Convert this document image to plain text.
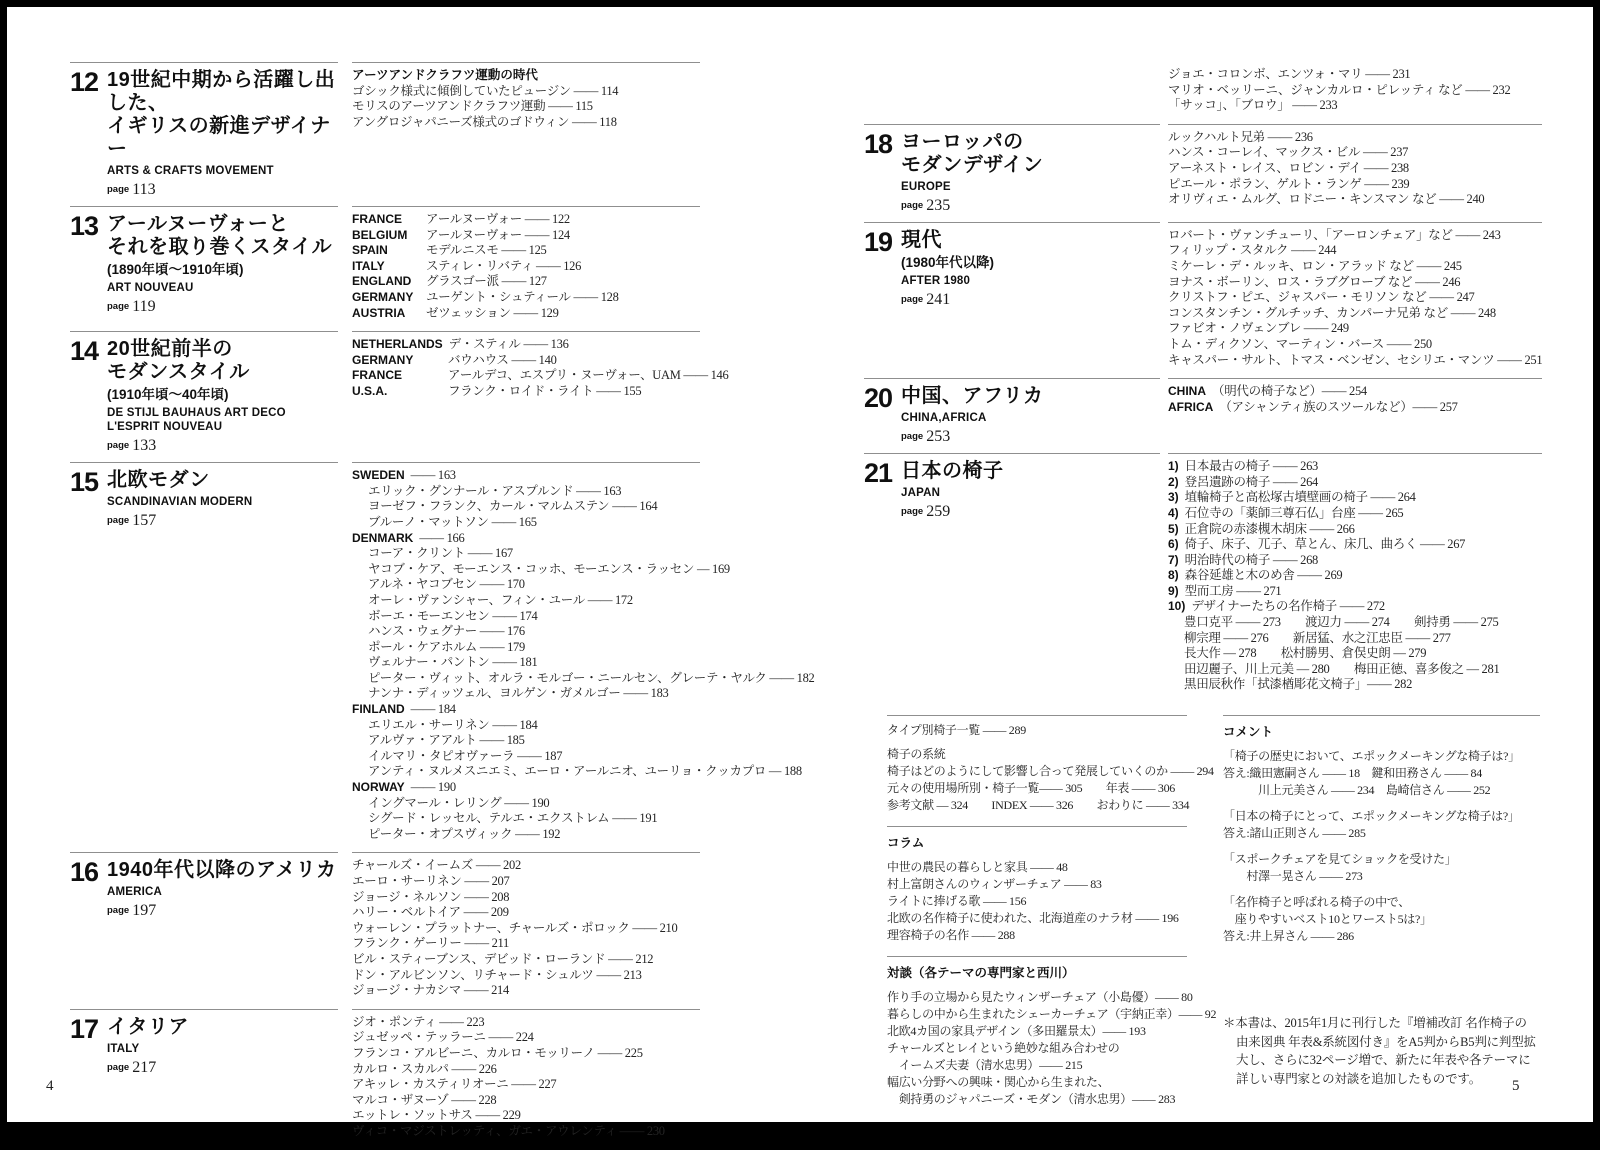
12 19世紀中期から活躍し出した、
イギリスの新進デザイナー
ARTS & CRAFTS MOVEMENT
page 113
アーツアンドクラフツ運動の時代
ゴシック様式に傾倒していたピュージン —— 114
モリスのアーツアンドクラフツ運動 —— 115
アングロジャパニーズ様式のゴドウィン —— 118
13 アールヌーヴォーと
それを取り巻くスタイル
(1890年頃〜1910年頃)
ART NOUVEAU
page 119
FRANCE	アールヌーヴォー —— 122
BELGIUM	アールヌーヴォー —— 124
SPAIN	モデルニスモ —— 125
ITALY	スティレ・リバティ —— 126
ENGLAND	グラスゴー派 —— 127
GERMANY	ユーゲント・シュティール —— 128
AUSTRIA	ゼツェッション —— 129
14 20世紀前半の
モダンスタイル
(1910年頃〜40年頃)
DE STIJL BAUHAUS ART DECO
L'ESPRIT NOUVEAU
page 133
NETHERLANDS デ・スティル —— 136
GERMANY	バウハウス —— 140
FRANCE	アールデコ、エスプリ・ヌーヴォー、UAM —— 146
U.S.A.	フランク・ロイド・ライト —— 155
15 北欧モダン
SCANDINAVIAN MODERN
page 157
SWEDEN —— 163
エリック・グンナール・アスプルンド —— 163
ヨーゼフ・フランク、カール・マルムステン —— 164
ブルーノ・マットソン —— 165
DENMARK —— 166
コーア・クリント —— 167
ヤコブ・ケア、モーエンス・コッホ、モーエンス・ラッセン — 169
アルネ・ヤコブセン —— 170
オーレ・ヴァンシャー、フィン・ユール —— 172
ボーエ・モーエンセン —— 174
ハンス・ウェグナー —— 176
ポール・ケアホルム —— 179
ヴェルナー・パントン —— 181
ピーター・ヴィット、オルラ・モルゴー・ニールセン、グレーテ・ヤルク —— 182
ナンナ・ディッツェル、ヨルゲン・ガメルゴー —— 183
FINLAND —— 184
エリエル・サーリネン —— 184
アルヴァ・アアルト —— 185
イルマリ・タピオヴァーラ —— 187
アンティ・ヌルメスニエミ、エーロ・アールニオ、ユーリョ・クッカプロ — 188
NORWAY —— 190
イングマール・レリング —— 190
シグード・レッセル、テルエ・エクストレム —— 191
ピーター・オプスヴィック —— 192
16 1940年代以降のアメリカ
AMERICA
page 197
チャールズ・イームズ —— 202
エーロ・サーリネン —— 207
ジョージ・ネルソン —— 208
ハリー・ベルトイア —— 209
ウォーレン・プラットナー、チャールズ・ポロック —— 210
フランク・ゲーリー —— 211
ビル・スティーブンス、デビッド・ローランド —— 212
ドン・アルビンソン、リチャード・シュルツ —— 213
ジョージ・ナカシマ —— 214
17 イタリア
ITALY
page 217
ジオ・ポンティ —— 223
ジュゼッペ・テッラーニ —— 224
フランコ・アルビーニ、カルロ・モッリーノ —— 225
カルロ・スカルパ —— 226
アキッレ・カスティリオーニ —— 227
マルコ・ザヌーゾ —— 228
エットレ・ソットサス —— 229
ヴィコ・マジストレッティ、ガエ・アウレンティ —— 230
ジョエ・コロンボ、エンツォ・マリ —— 231
マリオ・ベッリーニ、ジャンカルロ・ピレッティ など —— 232
「サッコ」、「ブロウ」 —— 233
18 ヨーロッパの
モダンデザイン
EUROPE
page 235
ルックハルト兄弟 —— 236
ハンス・コーレイ、マックス・ビル —— 237
アーネスト・レイス、ロビン・デイ —— 238
ピエール・ポラン、ゲルト・ランゲ —— 239
オリヴィエ・ムルグ、ロドニー・キンスマン など —— 240
19 現代
(1980年代以降)
AFTER 1980
page 241
ロバート・ヴァンチューリ、「アーロンチェア」など —— 243
フィリップ・スタルク —— 244
ミケーレ・デ・ルッキ、ロン・アラッド など —— 245
ヨナス・ボーリン、ロス・ラブグローブ など —— 246
クリストフ・ピエ、ジャスパー・モリソン など —— 247
コンスタンチン・グルチッチ、カンパーナ兄弟 など —— 248
ファビオ・ノヴェンブレ —— 249
トム・ディクソン、マーティン・バース —— 250
キャスパー・サルト、トマス・ベンゼン、セシリエ・マンツ —— 251
20 中国、アフリカ
CHINA,AFRICA
page 253
CHINA （明代の椅子など）—— 254
AFRICA （アシャンティ族のスツールなど）—— 257
21 日本の椅子
JAPAN
page 259
1) 日本最古の椅子 —— 263
2) 登呂遺跡の椅子 —— 264
3) 埴輪椅子と高松塚古墳壁画の椅子 —— 264
4) 石位寺の「薬師三尊石仏」台座 —— 265
5) 正倉院の赤漆槻木胡床 —— 266
6) 倚子、床子、兀子、草とん、床几、曲ろく —— 267
7) 明治時代の椅子 —— 268
8) 森谷延雄と木のめ舎 —— 269
9) 型而工房 —— 271
10) デザイナーたちの名作椅子 —— 272
豊口克平 —— 273　　渡辺力 —— 274　　剣持勇 —— 275
柳宗理 —— 276　　新居猛、水之江忠臣 —— 277
長大作 — 278　　松村勝男、倉俣史朗 — 279
田辺麗子、川上元美 — 280　　梅田正徳、喜多俊之 — 281
黒田辰秋作「拭漆楢彫花文椅子」—— 282
タイプ別椅子一覧 —— 289
椅子の系統
椅子はどのようにして影響し合って発展していくのか —— 294
元々の使用場所別・椅子一覧—— 305　　年表 —— 306
参考文献 — 324　　INDEX —— 326　　おわりに —— 334
コラム
中世の農民の暮らしと家具 —— 48
村上富朗さんのウィンザーチェア —— 83
ライトに捧げる歌 —— 156
北欧の名作椅子に使われた、北海道産のナラ材 —— 196
理容椅子の名作 —— 288
対談（各テーマの専門家と西川）
作り手の立場から見たウィンザーチェア（小島優）—— 80
暮らしの中から生まれたシェーカーチェア（宇納正幸）—— 92
北欧4カ国の家具デザイン（多田羅景太）—— 193
チャールズとレイという絶妙な組み合わせの
　イームズ夫妻（清水忠男）—— 215
幅広い分野への興味・関心から生まれた、
　剣持勇のジャパニーズ・モダン（清水忠男）—— 283
コメント
「椅子の歴史において、エポックメーキングな椅子は?」
答え:織田憲嗣さん —— 18　鍵和田務さん —— 84
　　　川上元美さん —— 234　島崎信さん —— 252
「日本の椅子にとって、エポックメーキングな椅子は?」
答え:諸山正則さん —— 285
「スポークチェアを見てショックを受けた」
　　村澤一晃さん —— 273
「名作椅子と呼ばれる椅子の中で、
　座りやすいベスト10とワースト5は?」
答え:井上昇さん —— 286
＊本書は、2015年1月に刊行した『増補改訂 名作椅子の由来図典 年表&系統図付き』をA5判からB5判に判型拡大し、さらに32ページ増で、新たに年表や各テーマに詳しい専門家との対談を追加したものです。
4	5
